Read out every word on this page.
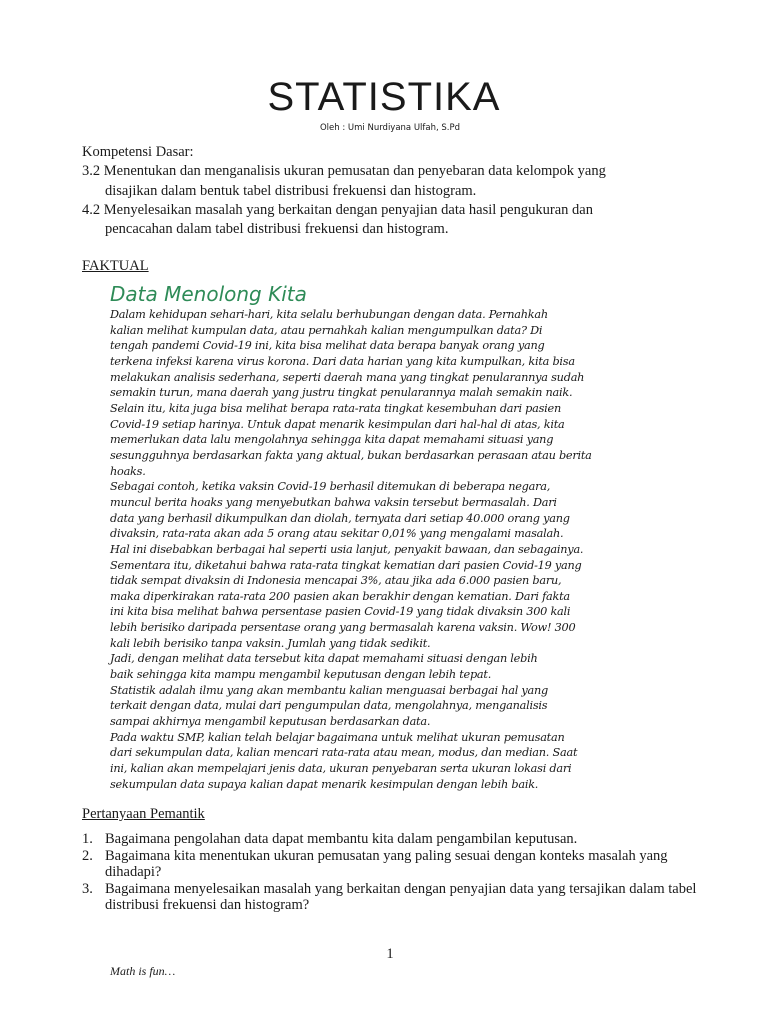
STATISTIKA
Oleh : Umi Nurdiyana Ulfah, S.Pd

Kompetensi Dasar:

3.2 Menentukan dan menganalisis ukuran pemusatan dan penyebaran data kelompok yang

disajikan dalam bentuk tabel distribusi frekuensi dan histogram.

4.2 Menyelesaikan masalah yang berkaitan dengan penyajian data hasil pengukuran dan

pencacahan dalam tabel distribusi frekuensi dan histogram.

FAKTUAL
Data Menolong Kita
Dalam kehidupan sehari-hari, kita selalu berhubungan dengan data. Pernahkah
kalian melihat kumpulan data, atau pernahkah kalian mengumpulkan data? Di
tengah pandemi Covid-19 ini, kita bisa melihat data berapa banyak orang yang
terkena infeksi karena virus korona. Dari data harian yang kita kumpulkan, kita bisa
melakukan analisis sederhana, seperti daerah mana yang tingkat penularannya sudah
semakin turun, mana daerah yang justru tingkat penularannya malah semakin naik.
Selain itu, kita juga bisa melihat berapa rata-rata tingkat kesembuhan dari pasien
Covid-19 setiap harinya. Untuk dapat menarik kesimpulan dari hal-hal di atas, kita
memerlukan data lalu mengolahnya sehingga kita dapat memahami situasi yang
sesungguhnya berdasarkan fakta yang aktual, bukan berdasarkan perasaan atau berita
hoaks.
Sebagai contoh, ketika vaksin Covid-19 berhasil ditemukan di beberapa negara,
muncul berita hoaks yang menyebutkan bahwa vaksin tersebut bermasalah. Dari
data yang berhasil dikumpulkan dan diolah, ternyata dari setiap 40.000 orang yang
divaksin, rata-rata akan ada 5 orang atau sekitar 0,01% yang mengalami masalah.
Hal ini disebabkan berbagai hal seperti usia lanjut, penyakit bawaan, dan sebagainya.
Sementara itu, diketahui bahwa rata-rata tingkat kematian dari pasien Covid-19 yang
tidak sempat divaksin di Indonesia mencapai 3%, atau jika ada 6.000 pasien baru,
maka diperkirakan rata-rata 200 pasien akan berakhir dengan kematian. Dari fakta
ini kita bisa melihat bahwa persentase pasien Covid-19 yang tidak divaksin 300 kali
lebih berisiko daripada persentase orang yang bermasalah karena vaksin. Wow! 300
kali lebih berisiko tanpa vaksin. Jumlah yang tidak sedikit.
Jadi, dengan melihat data tersebut kita dapat memahami situasi dengan lebih
baik sehingga kita mampu mengambil keputusan dengan lebih tepat.
Statistik adalah ilmu yang akan membantu kalian menguasai berbagai hal yang
terkait dengan data, mulai dari pengumpulan data, mengolahnya, menganalisis
sampai akhirnya mengambil keputusan berdasarkan data.
Pada waktu SMP, kalian telah belajar bagaimana untuk melihat ukuran pemusatan
dari sekumpulan data, kalian mencari rata-rata atau mean, modus, dan median. Saat
ini, kalian akan mempelajari jenis data, ukuran penyebaran serta ukuran lokasi dari
sekumpulan data supaya kalian dapat menarik kesimpulan dengan lebih baik.
Pertanyaan Pemantik
1. Bagaimana pengolahan data dapat membantu kita dalam pengambilan keputusan.
2. Bagaimana kita menentukan ukuran pemusatan yang paling sesuai dengan konteks masalah yang dihadapi?
3. Bagaimana menyelesaikan masalah yang berkaitan dengan penyajian data yang tersajikan dalam tabel distribusi frekuensi dan histogram?
1
Math is fun…
